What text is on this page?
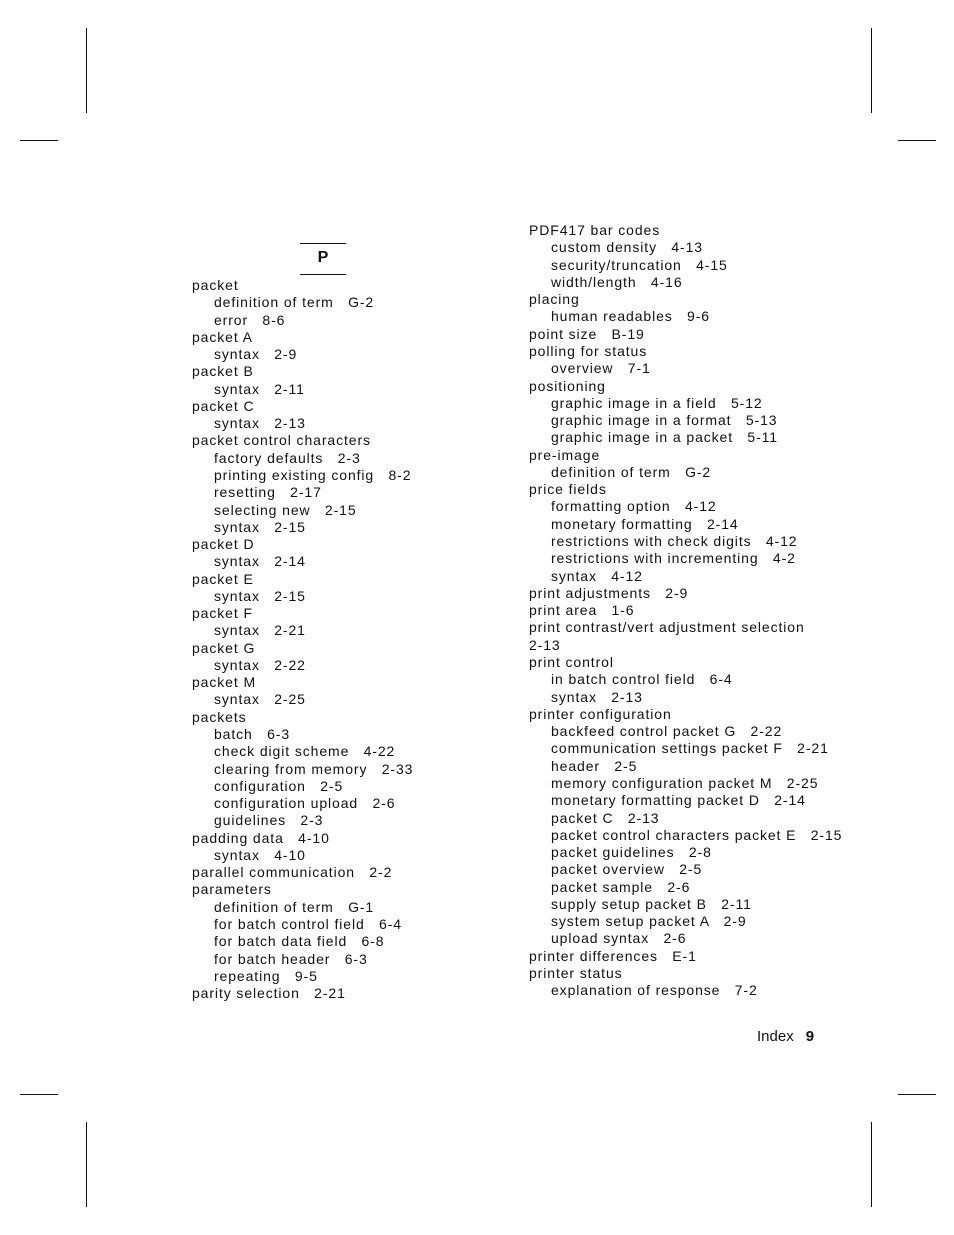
P
packet
definition of term   G-2
error   8-6
packet A
syntax   2-9
packet B
syntax   2-11
packet C
syntax   2-13
packet control characters
factory defaults   2-3
printing existing config   8-2
resetting   2-17
selecting new   2-15
syntax   2-15
packet D
syntax   2-14
packet E
syntax   2-15
packet F
syntax   2-21
packet G
syntax   2-22
packet M
syntax   2-25
packets
batch   6-3
check digit scheme   4-22
clearing from memory   2-33
configuration   2-5
configuration upload   2-6
guidelines   2-3
padding data   4-10
syntax   4-10
parallel communication   2-2
parameters
definition of term   G-1
for batch control field   6-4
for batch data field   6-8
for batch header   6-3
repeating   9-5
parity selection   2-21
PDF417 bar codes
custom density   4-13
security/truncation   4-15
width/length   4-16
placing
human readables   9-6
point size   B-19
polling for status
overview   7-1
positioning
graphic image in a field   5-12
graphic image in a format   5-13
graphic image in a packet   5-11
pre-image
definition of term   G-2
price fields
formatting option   4-12
monetary formatting   2-14
restrictions with check digits   4-12
restrictions with incrementing   4-2
syntax   4-12
print adjustments   2-9
print area   1-6
print contrast/vert adjustment selection
2-13
print control
in batch control field   6-4
syntax   2-13
printer configuration
backfeed control packet G   2-22
communication settings packet F   2-21
header   2-5
memory configuration packet M   2-25
monetary formatting packet D   2-14
packet C   2-13
packet control characters packet E   2-15
packet guidelines   2-8
packet overview   2-5
packet sample   2-6
supply setup packet B   2-11
system setup packet A   2-9
upload syntax   2-6
printer differences   E-1
printer status
explanation of response   7-2
Index 9
